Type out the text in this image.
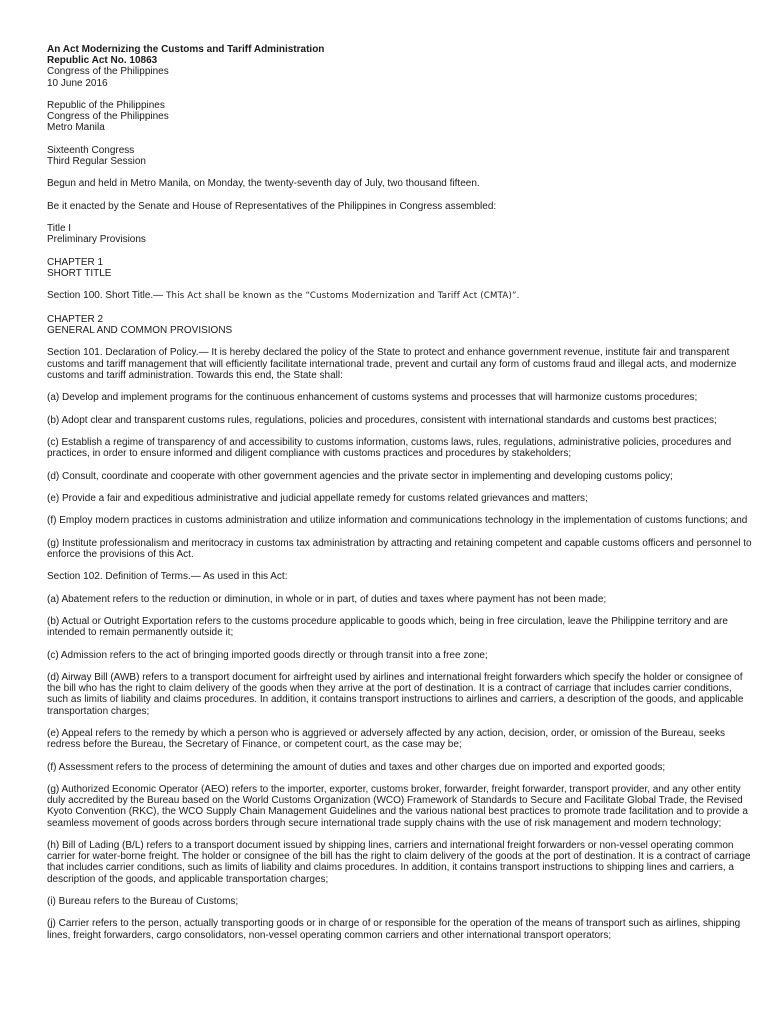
An Act Modernizing the Customs and Tariff Administration
Republic Act No. 10863
Congress of the Philippines
10 June 2016
Republic of the Philippines
Congress of the Philippines
Metro Manila
Sixteenth Congress
Third Regular Session

Begun and held in Metro Manila, on Monday, the twenty-seventh day of July, two thousand fifteen.

Be it enacted by the Senate and House of Representatives of the Philippines in Congress assembled:

Title I
Preliminary Provisions
CHAPTER 1
SHORT TITLE

Section 100. Short Title.— This Act shall be known as the “Customs Modernization and Tariff Act (CMTA)”.

CHAPTER 2
GENERAL AND COMMON PROVISIONS

Section 101. Declaration of Policy.— It is hereby declared the policy of the State to protect and enhance government revenue, institute fair and transparent customs and tariff management that will efficiently facilitate international trade, prevent and curtail any form of customs fraud and illegal acts, and modernize customs and tariff administration. Towards this end, the State shall:

(a) Develop and implement programs for the continuous enhancement of customs systems and processes that will harmonize customs procedures;

(b) Adopt clear and transparent customs rules, regulations, policies and procedures, consistent with international standards and customs best practices;

(c) Establish a regime of transparency of and accessibility to customs information, customs laws, rules, regulations, administrative policies, procedures and practices, in order to ensure informed and diligent compliance with customs practices and procedures by stakeholders;

(d) Consult, coordinate and cooperate with other government agencies and the private sector in implementing and developing customs policy;

(e) Provide a fair and expeditious administrative and judicial appellate remedy for customs related grievances and matters;

(f) Employ modern practices in customs administration and utilize information and communications technology in the implementation of customs functions; and

(g) Institute professionalism and meritocracy in customs tax administration by attracting and retaining competent and capable customs officers and personnel to enforce the provisions of this Act.

Section 102. Definition of Terms.— As used in this Act:

(a) Abatement refers to the reduction or diminution, in whole or in part, of duties and taxes where payment has not been made;

(b) Actual or Outright Exportation refers to the customs procedure applicable to goods which, being in free circulation, leave the Philippine territory and are intended to remain permanently outside it;

(c) Admission refers to the act of bringing imported goods directly or through transit into a free zone;

(d) Airway Bill (AWB) refers to a transport document for airfreight used by airlines and international freight forwarders which specify the holder or consignee of the bill who has the right to claim delivery of the goods when they arrive at the port of destination. It is a contract of carriage that includes carrier conditions, such as limits of liability and claims procedures. In addition, it contains transport instructions to airlines and carriers, a description of the goods, and applicable transportation charges;

(e) Appeal refers to the remedy by which a person who is aggrieved or adversely affected by any action, decision, order, or omission of the Bureau, seeks redress before the Bureau, the Secretary of Finance, or competent court, as the case may be;

(f) Assessment refers to the process of determining the amount of duties and taxes and other charges due on imported and exported goods;

(g) Authorized Economic Operator (AEO) refers to the importer, exporter, customs broker, forwarder, freight forwarder, transport provider, and any other entity duly accredited by the Bureau based on the World Customs Organization (WCO) Framework of Standards to Secure and Facilitate Global Trade, the Revised Kyoto Convention (RKC), the WCO Supply Chain Management Guidelines and the various national best practices to promote trade facilitation and to provide a seamless movement of goods across borders through secure international trade supply chains with the use of risk management and modern technology;

(h) Bill of Lading (B/L) refers to a transport document issued by shipping lines, carriers and international freight forwarders or non-vessel operating common carrier for water-borne freight. The holder or consignee of the bill has the right to claim delivery of the goods at the port of destination. It is a contract of carriage that includes carrier conditions, such as limits of liability and claims procedures. In addition, it contains transport instructions to shipping lines and carriers, a description of the goods, and applicable transportation charges;

(i) Bureau refers to the Bureau of Customs;

(j) Carrier refers to the person, actually transporting goods or in charge of or responsible for the operation of the means of transport such as airlines, shipping lines, freight forwarders, cargo consolidators, non-vessel operating common carriers and other international transport operators;
